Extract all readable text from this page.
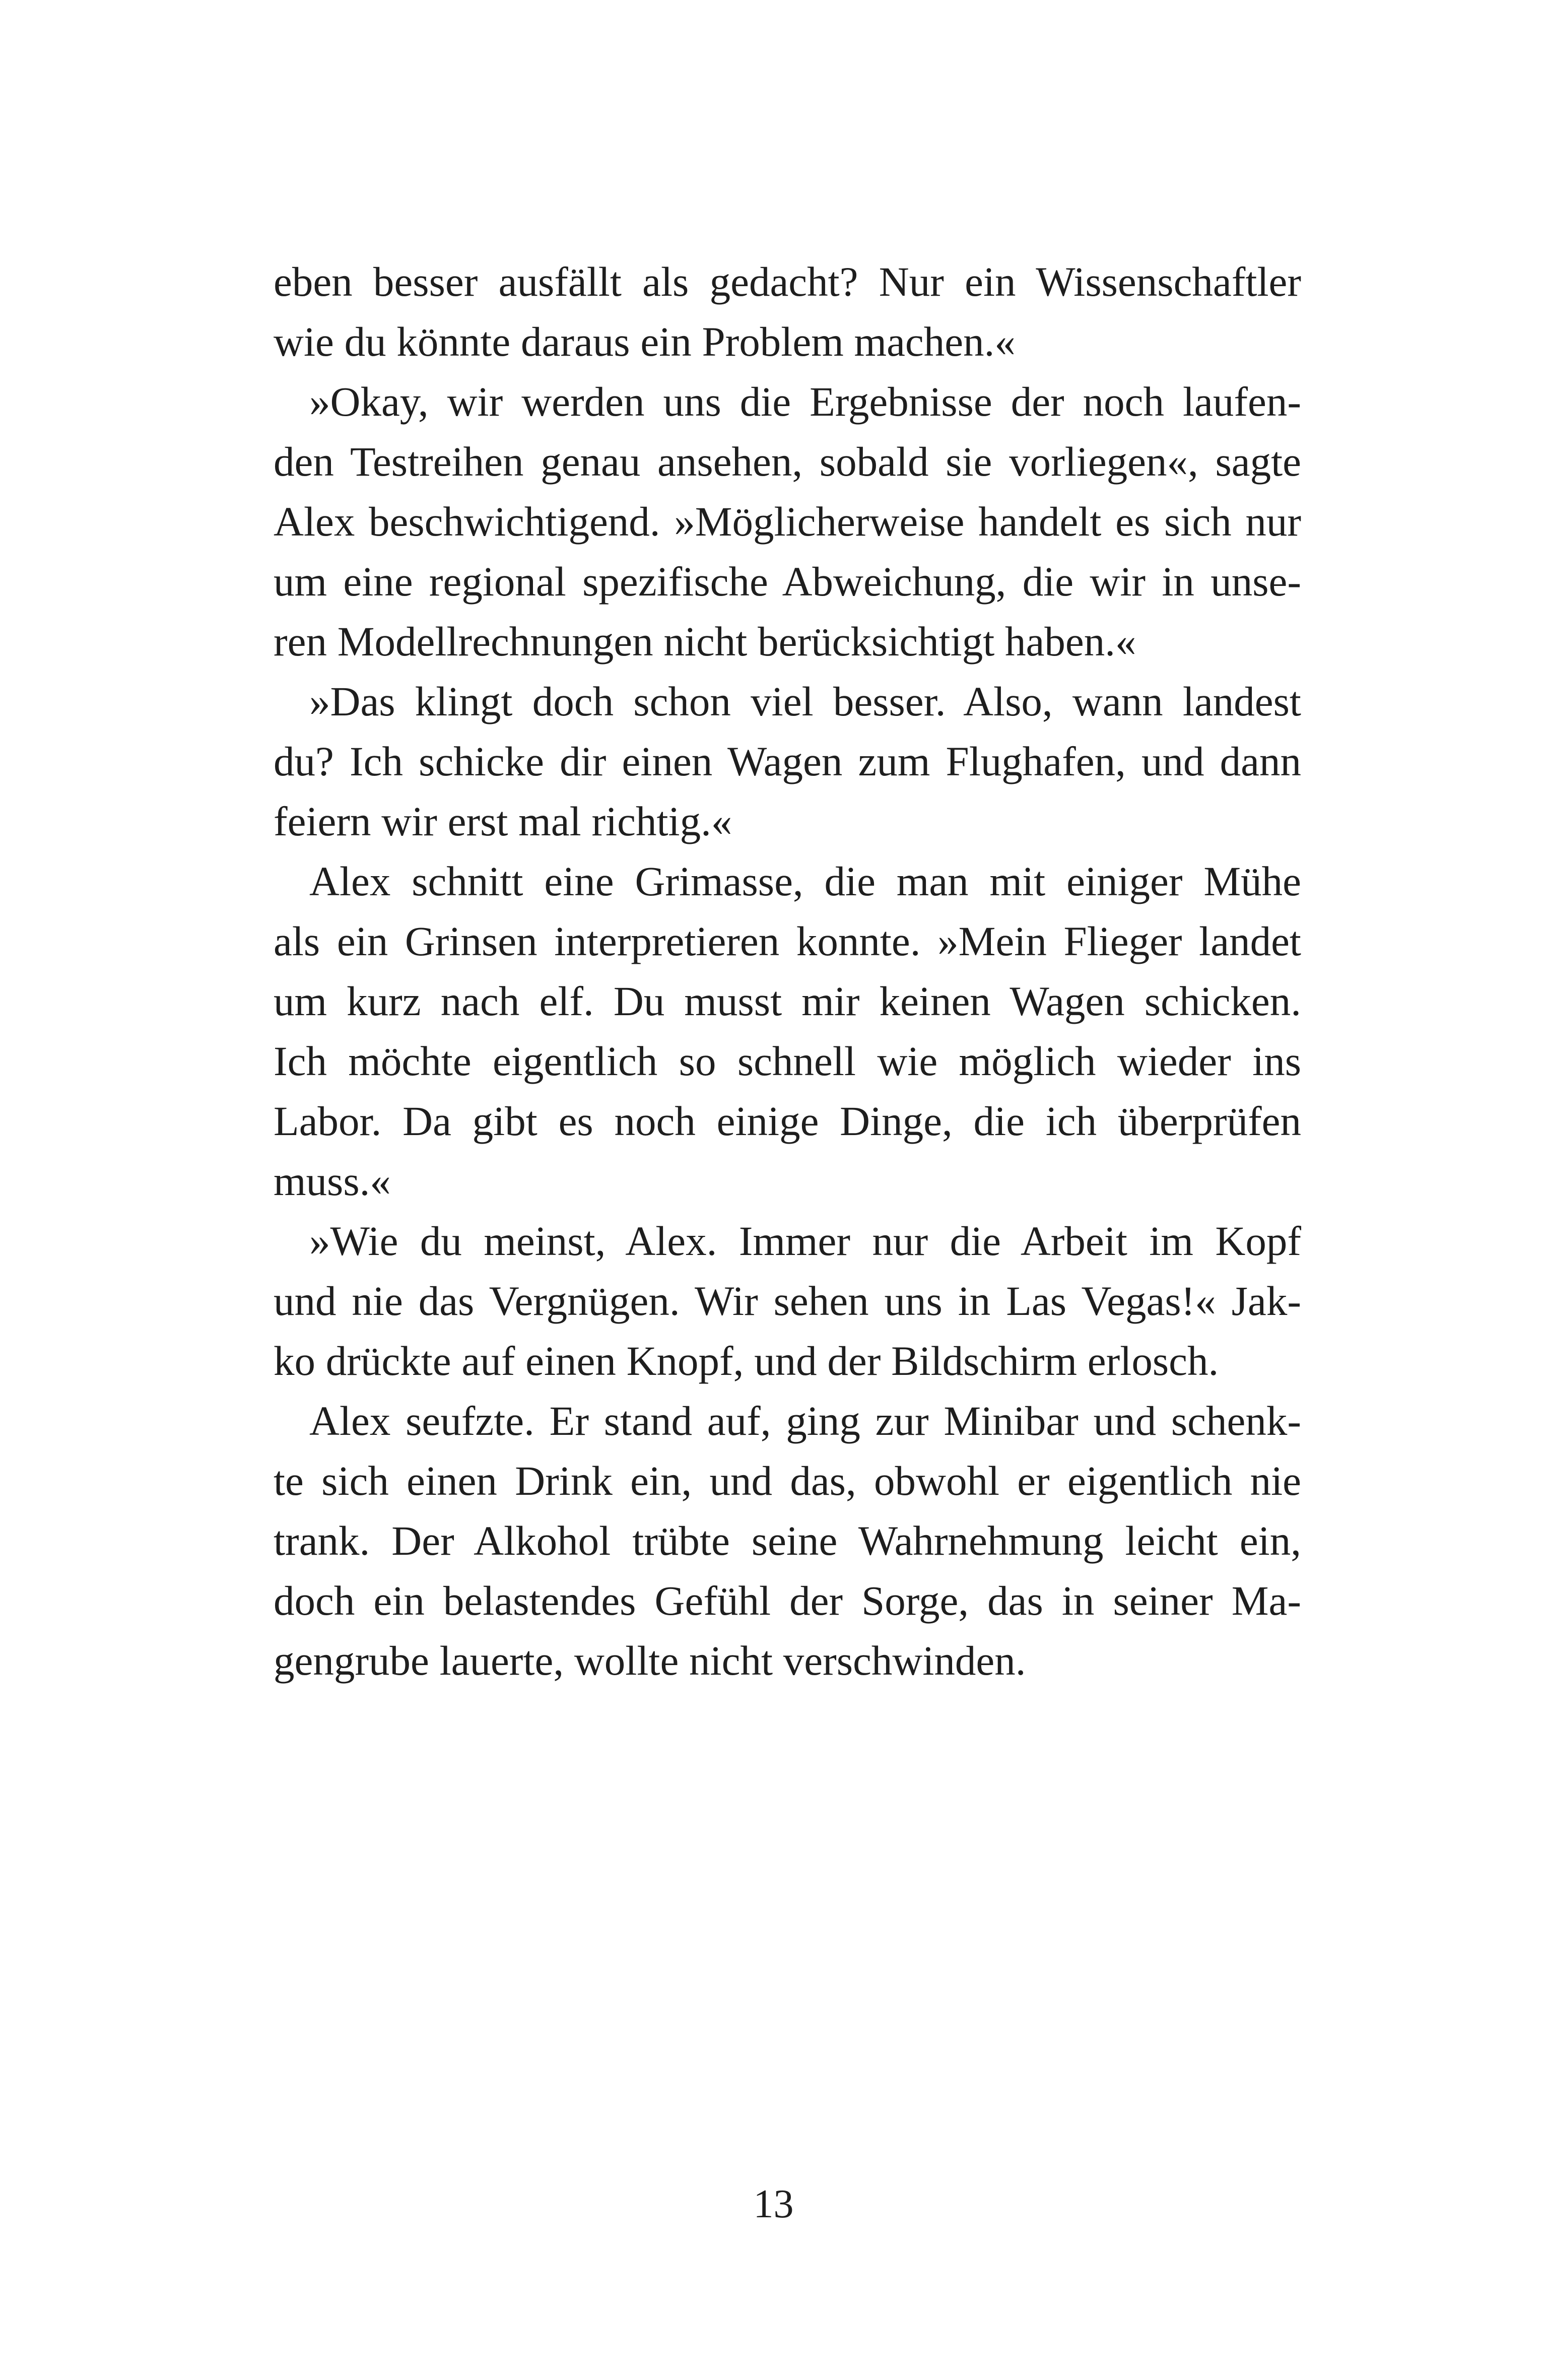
eben besser ausfällt als gedacht? Nur ein Wissenschaftler
wie du könnte daraus ein Problem machen.«
»Okay, wir werden uns die Ergebnisse der noch laufen-
den Testreihen genau ansehen, sobald sie vorliegen«, sagte
Alex beschwichtigend. »Möglicherweise handelt es sich nur
um eine regional spezifische Abweichung, die wir in unse-
ren Modellrechnungen nicht berücksichtigt haben.«
»Das klingt doch schon viel besser. Also, wann landest
du? Ich schicke dir einen Wagen zum Flughafen, und dann
feiern wir erst mal richtig.«
Alex schnitt eine Grimasse, die man mit einiger Mühe
als ein Grinsen interpretieren konnte. »Mein Flieger landet
um kurz nach elf. Du musst mir keinen Wagen schicken.
Ich möchte eigentlich so schnell wie möglich wieder ins
Labor. Da gibt es noch einige Dinge, die ich überprüfen
muss.«
»Wie du meinst, Alex. Immer nur die Arbeit im Kopf
und nie das Vergnügen. Wir sehen uns in Las Vegas!« Jak-
ko drückte auf einen Knopf, und der Bildschirm erlosch.
Alex seufzte. Er stand auf, ging zur Minibar und schenk-
te sich einen Drink ein, und das, obwohl er eigentlich nie
trank. Der Alkohol trübte seine Wahrnehmung leicht ein,
doch ein belastendes Gefühl der Sorge, das in seiner Ma-
gengrube lauerte, wollte nicht verschwinden.
13
